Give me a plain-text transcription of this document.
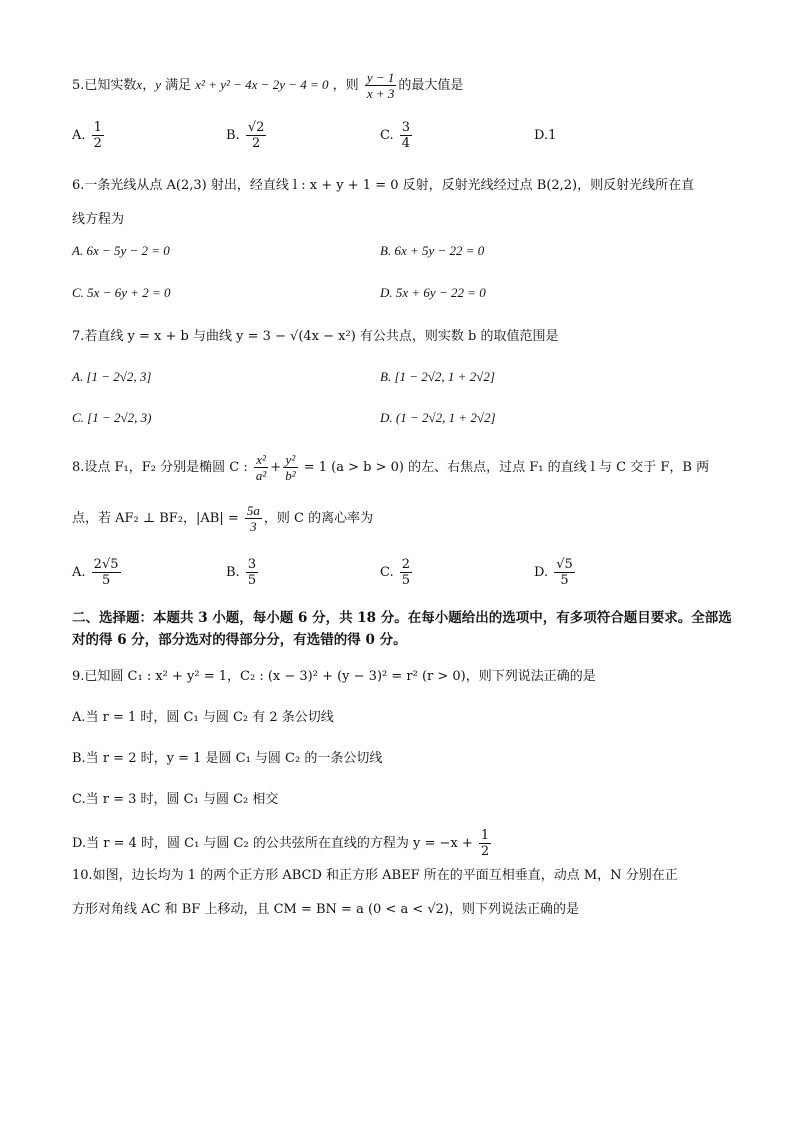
5.已知实数x，y 满足 x² + y² − 4x − 2y − 4 = 0 ，则 $\frac{y - 1}{x + 3}$ 的最大值是
A. $\frac{1}{2}$	B. $\frac{√2}{2}$	C. $\frac{3}{4}$	D.1
6.一条光线从点 A(2,3) 射出，经直线 l : x + y + 1 = 0 反射，反射光线经过点 B(2,2)，则反射光线所在直
线方程为
A. 6x − 5y − 2 = 0	B. 6x + 5y − 22 = 0
C. 5x − 6y + 2 = 0	D. 5x + 6y − 22 = 0
7.若直线 y = x + b 与曲线 y = 3 − √(4x − x²) 有公共点，则实数 b 的取值范围是
A. [1 − 2√2, 3]	B. [1 − 2√2, 1 + 2√2]
C. [1 − 2√2, 3)	D. (1 − 2√2, 1 + 2√2]
8.设点 F₁，F₂ 分别是椭圆 C : $\frac{\text{x²}}{\text{a²}} + \frac{\text{y²}}{\text{b²}} = 1$ (a > b > 0) 的左、右焦点，过点 F₁ 的直线 l 与 C 交于 F，B 两
点，若 AF₂ ⊥ BF₂，$|AB| = \frac{5a}{3}$ ，则 C 的离心率为
A. $\frac{2√5}{5}$	B. $\frac{3}{5}$	C. $\frac{2}{5}$	D. $\frac{√5}{5}$
二、选择题：本题共 3 小题，每小题 6 分，共 18 分。在每小题给出的选项中，有多项符合题目要求。全部选对的得 6 分，部分选对的得部分分，有选错的得 0 分。
9.已知圆 C₁ : x² + y² = 1，C₂ : (x − 3)² + (y − 3)² = r² (r > 0)，则下列说法正确的是
A.当 r = 1 时，圆 C₁ 与圆 C₂ 有 2 条公切线
B.当 r = 2 时，y = 1 是圆 C₁ 与圆 C₂ 的一条公切线
C.当 r = 3 时，圆 C₁ 与圆 C₂ 相交
D.当 r = 4 时，圆 C₁ 与圆 C₂ 的公共弦所在直线的方程为 $y = -x + \frac{1}{2}$
10.如图，边长均为 1 的两个正方形 ABCD 和正方形 ABEF 所在的平面互相垂直，动点 M，N 分别在正
方形对角线 AC 和 BF 上移动，且 CM = BN = a (0 < a < √2)，则下列说法正确的是
